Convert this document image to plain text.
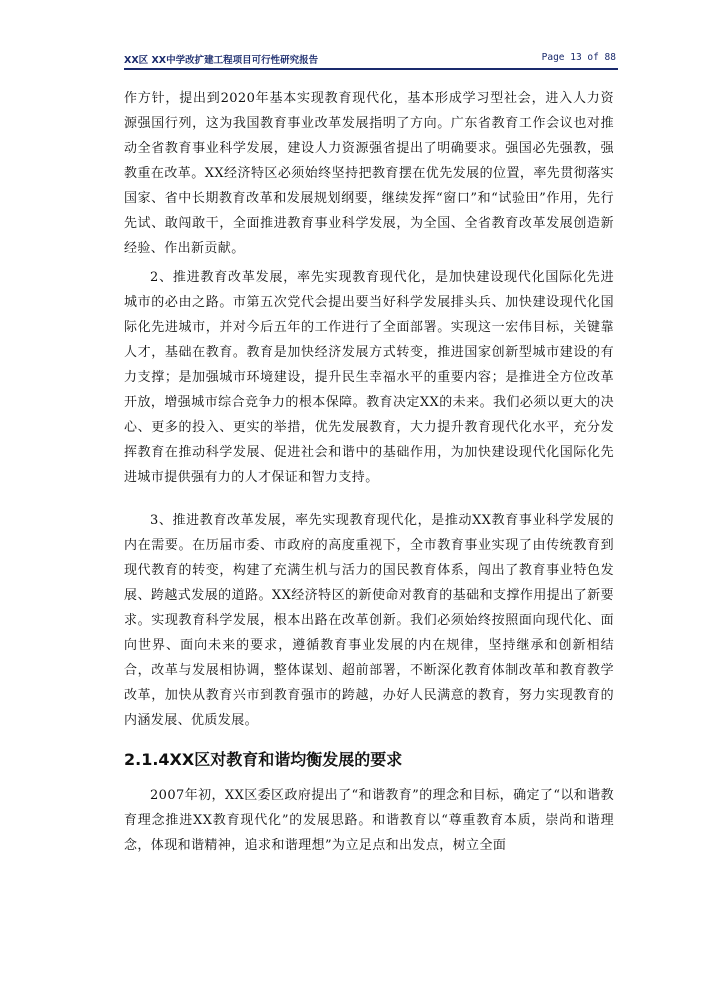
XX区 XX中学改扩建工程项目可行性研究报告	Page 13 of 88

作方针，提出到2020年基本实现教育现代化，基本形成学习型社会，进入人力资源强国行列，这为我国教育事业改革发展指明了方向。广东省教育工作会议也对推动全省教育事业科学发展，建设人力资源强省提出了明确要求。强国必先强教，强教重在改革。XX经济特区必须始终坚持把教育摆在优先发展的位置，率先贯彻落实国家、省中长期教育改革和发展规划纲要，继续发挥“窗口”和“试验田”作用，先行先试、敢闯敢干，全面推进教育事业科学发展，为全国、全省教育改革发展创造新经验、作出新贡献。

2、推进教育改革发展，率先实现教育现代化，是加快建设现代化国际化先进城市的必由之路。市第五次党代会提出要当好科学发展排头兵、加快建设现代化国际化先进城市，并对今后五年的工作进行了全面部署。实现这一宏伟目标，关键靠人才，基础在教育。教育是加快经济发展方式转变，推进国家创新型城市建设的有力支撑；是加强城市环境建设，提升民生幸福水平的重要内容；是推进全方位改革开放，增强城市综合竞争力的根本保障。教育决定XX的未来。我们必须以更大的决心、更多的投入、更实的举措，优先发展教育，大力提升教育现代化水平，充分发挥教育在推动科学发展、促进社会和谐中的基础作用，为加快建设现代化国际化先进城市提供强有力的人才保证和智力支持。

3、推进教育改革发展，率先实现教育现代化，是推动XX教育事业科学发展的内在需要。在历届市委、市政府的高度重视下，全市教育事业实现了由传统教育到现代教育的转变，构建了充满生机与活力的国民教育体系，闯出了教育事业特色发展、跨越式发展的道路。XX经济特区的新使命对教育的基础和支撑作用提出了新要求。实现教育科学发展，根本出路在改革创新。我们必须始终按照面向现代化、面向世界、面向未来的要求，遵循教育事业发展的内在规律，坚持继承和创新相结合，改革与发展相协调，整体谋划、超前部署，不断深化教育体制改革和教育教学改革，加快从教育兴市到教育强市的跨越，办好人民满意的教育，努力实现教育的内涵发展、优质发展。

2.1.4XX区对教育和谐均衡发展的要求

2007年初，XX区委区政府提出了“和谐教育”的理念和目标，确定了“以和谐教育理念推进XX教育现代化”的发展思路。和谐教育以“尊重教育本质，崇尚和谐理念，体现和谐精神，追求和谐理想”为立足点和出发点，树立全面
